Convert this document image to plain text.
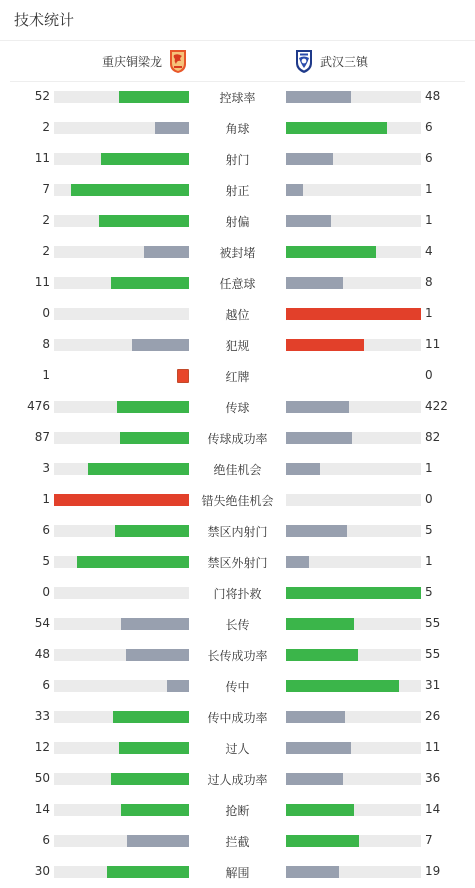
技术统计
重庆铜梁龙	武汉三镇
52	控球率	48
2	角球	6
11	射门	6
7	射正	1
2	射偏	1
2	被封堵	4
11	任意球	8
0	越位	1
8	犯规	11
1	红牌	0
476	传球	422
87	传球成功率	82
3	绝佳机会	1
1	错失绝佳机会	0
6	禁区内射门	5
5	禁区外射门	1
0	门将扑救	5
54	长传	55
48	长传成功率	55
6	传中	31
33	传中成功率	26
12	过人	11
50	过人成功率	36
14	抢断	14
6	拦截	7
30	解围	19
